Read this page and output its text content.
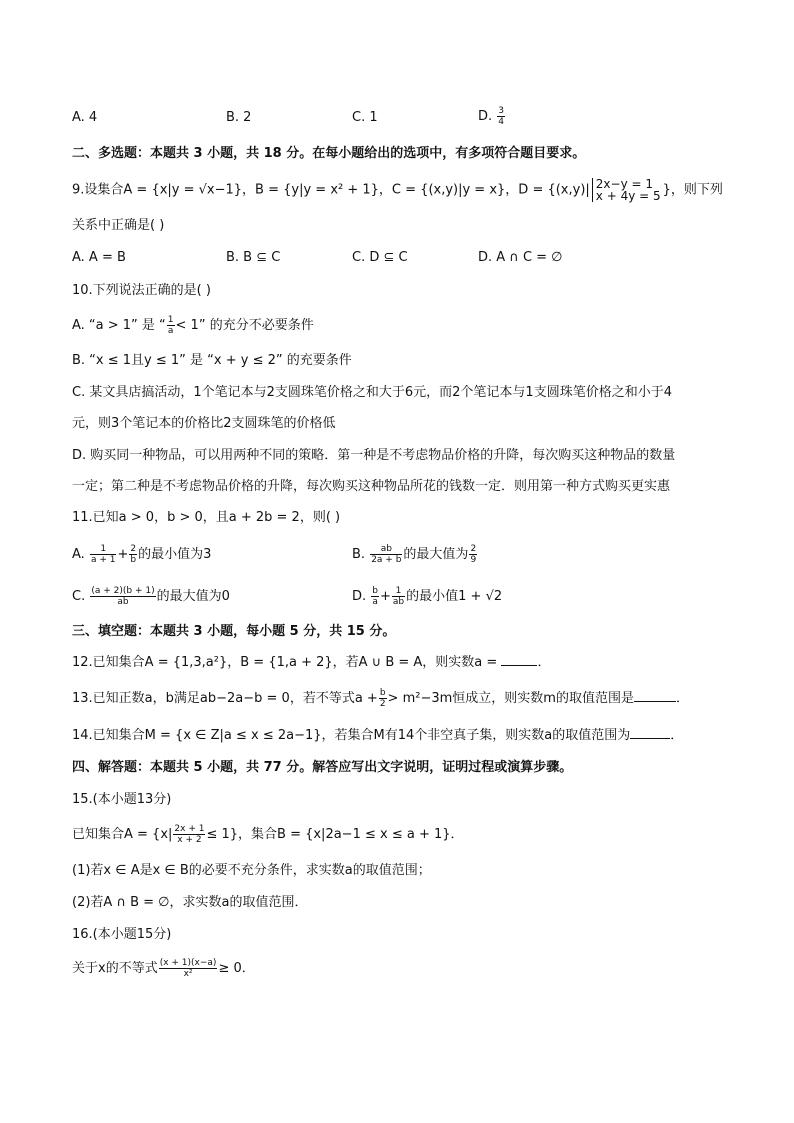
A. 4	B. 2	C. 1	D. $\frac{3}{4}$
二、多选题：本题共 3 小题，共 18 分。在每小题给出的选项中，有多项符合题目要求。
9.设集合A = {x|y = √x−1}，B = {y|y = x² + 1}，C = {(x,y)|y = x}，D = {(x,y)| 2x−y = 1
x + 4y = 5 }，则下列
关系中正确是( )
A. A = B	B. B ⊆ C	C. D ⊆ C	D. A ∩ C = ∅
10.下列说法正确的是( )
A. “a > 1” 是 “ $\frac{1}{a} < 1$” 的充分不必要条件
B. “x ≤ 1且y ≤ 1” 是 “x + y ≤ 2” 的充要条件
C. 某文具店搞活动，1个笔记本与2支圆珠笔价格之和大于6元，而2个笔记本与1支圆珠笔价格之和小于4
元，则3个笔记本的价格比2支圆珠笔的价格低
D. 购买同一种物品，可以用两种不同的策略．第一种是不考虑物品价格的升降，每次购买这种物品的数量
一定；第二种是不考虑物品价格的升降，每次购买这种物品所花的钱数一定．则用第一种方式购买更实惠
11.已知a > 0，b > 0，且a + 2b = 2，则( )
A. $\frac{1}{a + 1} + \frac{2}{b}$ 的最小值为3	B. $\frac{ab}{2a + b}$ 的最大值为 $\frac{2}{9}$
C. $\frac{(a + 2)(b + 1)}{ab}$ 的最大值为0	D. $\frac{b}{a} + \frac{1}{ab}$ 的最小值1 + √2
三、填空题：本题共 3 小题，每小题 5 分，共 15 分。
12.已知集合A = {1,3,a²}，B = {1,a + 2}，若A ∪ B = A，则实数a =	．
13.已知正数a，b满足ab−2a−b = 0，若不等式$a + \frac{b}{2} > m^2-3m$恒成立，则实数m的取值范围是	．
14.已知集合M = {x ∈ Z|a ≤ x ≤ 2a−1}，若集合M有14个非空真子集，则实数a的取值范围为	．
四、解答题：本题共 5 小题，共 77 分。解答应写出文字说明，证明过程或演算步骤。
15.(本小题13分)
已知集合$A = \{x| \frac{2x + 1}{x + 2} \le 1\}$，集合B = {x|2a−1 ≤ x ≤ a + 1}．
(1)若x ∈ A是x ∈ B的必要不充分条件，求实数a的取值范围；
(2)若A ∩ B = ∅，求实数a的取值范围．
16.(本小题15分)
关于x的不等式 $\frac{(x + 1)(x-a)}{\text{x²}} \ge 0$．
